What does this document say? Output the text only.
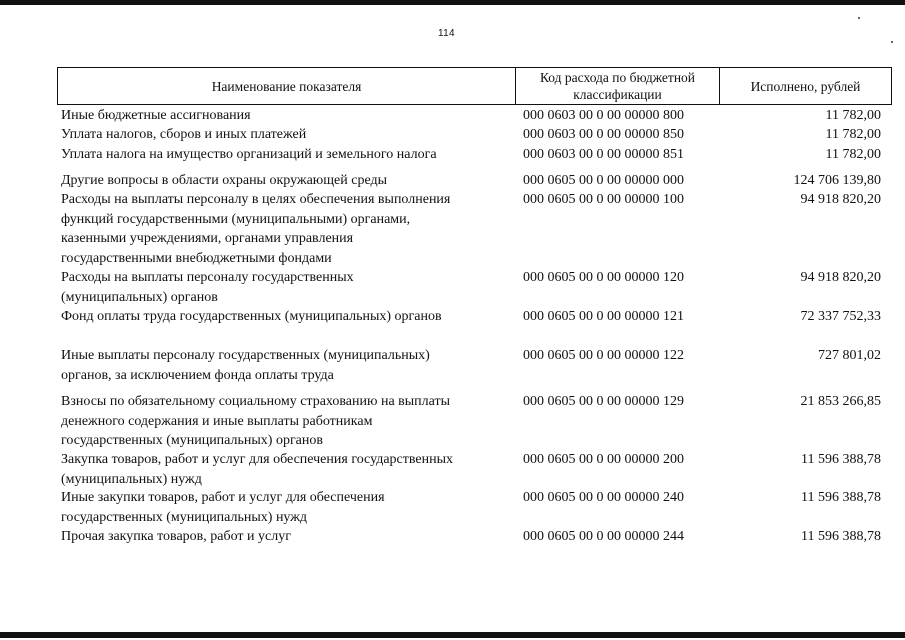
114
Наименование показателя
Код расхода по бюджетной классификации
Исполнено, рублей
Иные бюджетные ассигнования	000 0603 00 0 00 00000 800	11 782,00
Уплата налогов, сборов и иных платежей	000 0603 00 0 00 00000 850	11 782,00
Уплата налога на имущество организаций и земельного налога	000 0603 00 0 00 00000 851	11 782,00
Другие вопросы в области охраны окружающей среды	000 0605 00 0 00 00000 000	124 706 139,80
Расходы на выплаты персоналу в целях обеспечения выполнения
функций государственными (муниципальными) органами,
казенными учреждениями, органами управления
государственными внебюджетными фондами
000 0605 00 0 00 00000 100	94 918 820,20
Расходы на выплаты персоналу государственных
(муниципальных) органов
000 0605 00 0 00 00000 120	94 918 820,20
Фонд оплаты труда государственных (муниципальных) органов	000 0605 00 0 00 00000 121	72 337 752,33
Иные выплаты персоналу государственных (муниципальных)
органов, за исключением фонда оплаты труда
000 0605 00 0 00 00000 122	727 801,02
Взносы по обязательному социальному страхованию на выплаты
денежного содержания и иные выплаты работникам
государственных (муниципальных) органов
000 0605 00 0 00 00000 129	21 853 266,85
Закупка товаров, работ и услуг для обеспечения государственных
(муниципальных) нужд
000 0605 00 0 00 00000 200	11 596 388,78
Иные закупки товаров, работ и услуг для обеспечения
государственных (муниципальных) нужд
000 0605 00 0 00 00000 240	11 596 388,78
Прочая закупка товаров, работ и услуг	000 0605 00 0 00 00000 244	11 596 388,78
